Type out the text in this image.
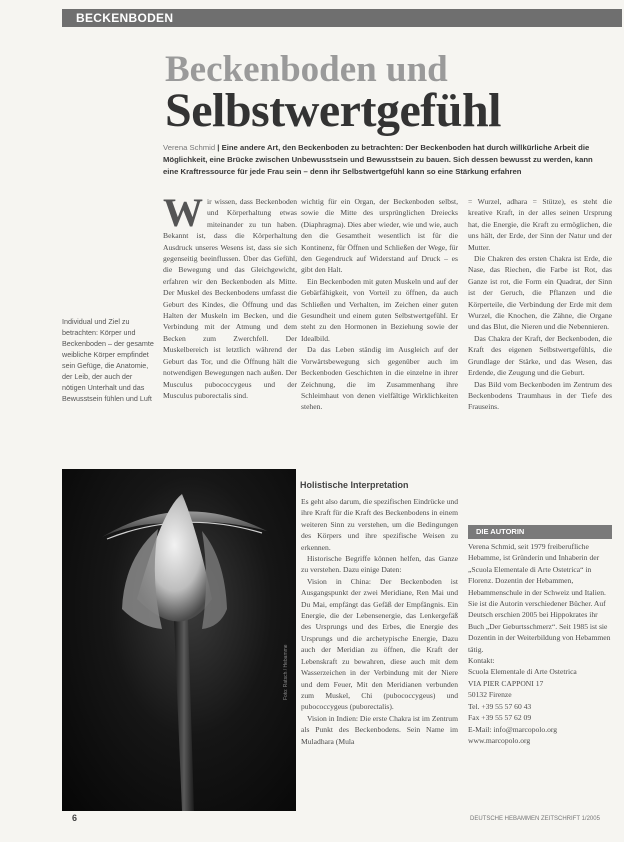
BECKENBODEN
Beckenboden und
Selbstwertgefühl
Verena Schmid | Eine andere Art, den Beckenboden zu betrachten: Der Beckenboden hat durch willkürliche Arbeit die Möglichkeit, eine Brücke zwischen Unbewusstsein und Bewusstsein zu bauen. Sich dessen bewusst zu werden, kann eine Kraftressource für jede Frau sein – denn ihr Selbstwertgefühl kann so eine Stärkung erfahren
Individual und Ziel zu betrachten: Körper und Beckenboden – der gesamte weibliche Körper empfindet sein Gefüge, die Anatomie, der Leib, der auch der nötigen Unterhalt und das Bewusstsein fühlen und Luft
W ir wissen, dass Beckenboden und Körperhaltung etwas miteinander zu tun haben. Bekannt ist, dass die Körperhaltung Ausdruck unseres Wesens ist, dass sie sich gegenseitig beeinflussen. Über das Gefühl, die Bewegung und das Gleichgewicht, erfahren wir den Beckenboden als Mitte. Der Muskel des Beckenbodens umfasst die Geburt des Kindes, die Öffnung und das Halten der Muskeln im Becken, und die Verbindung mit der Atmung und dem Becken zum Zwerchfell. Der Muskelbereich ist letztlich während der Geburt das Tor, und die Öffnung hält die notwendigen Bewegungen nach außen. Der Musculus pubococcygeus und der Musculus puborectalis sind.

wichtig für ein Organ, der Beckenboden selbst, sowie die Mitte des ursprünglichen Dreiecks (Diaphragma). Dies aber wieder, wie und wie, auch den die Gesamtheit wesentlich ist für die Kontinenz, für Öffnen und Schließen der Wege, für den Gegendruck auf Widerstand auf Druck – es gibt den Halt.

Ein Beckenboden mit guten Muskeln und auf der Gebärfähigkeit, von Vorteil zu öffnen, da auch Schließen und Verhalten, im Zeichen einer guten Gesundheit und einem guten Selbstwertgefühl. Er steht zu den Hormonen in Beziehung sowie der Idealbild.

Da das Leben ständig im Ausgleich auf der Vorwärtsbewegung sich gegenüber auch im Beckenboden Geschichten in die einzelne in ihrer Zeichnung, die im Zusammenhang ihre Schleimhaut von denen vielfältige Wirklichkeiten stehen.

Holistische Interpretation

Es geht also darum, die spezifischen Eindrücke und ihre Kraft für die Kraft des Beckenbodens in einem weiteren Sinn zu verstehen, um die Bedingungen des Körpers und ihre spezifische Weisen zu erkennen.

Historische Begriffe können helfen, das Ganze zu verstehen. Dazu einige Daten:

Vision in China: Der Beckenboden ist Ausgangspunkt der zwei Meridiane, Ren Mai und Du Mai, empfängt das Gefäß der Empfängnis. Ein Energie, die der Lebensenergie, das Lenkergefäß des Ursprungs und des Erbes, die Energie des Ursprungs und die archetypische Energie, Dazu auch der Meridian zu öffnen, die Kraft der Lebenskraft zu bewahren, diese auch mit dem Wasserzeichen in der Verbindung mit der Niere und dem Feuer, Mit den Meridianen verbunden zum Muskel, Chi (pubococcygeus) und pubococcygeus (puborectalis).

Vision in Indien: Die erste Chakra ist im Zentrum als Punkt des Beckenbodens. Sein Name im Muladhara (Mula

= Wurzel, adhara = Stütze), es steht die kreative Kraft, in der alles seinen Ursprung hat, die Energie, die Kraft zu ermöglichen, die uns hält, der Erde, der Sinn der Natur und der Mutter.

Die Chakren des ersten Chakra ist Erde, die Nase, das Riechen, die Farbe ist Rot, das Ganze ist rot, die Form ein Quadrat, der Sinn ist der Geruch, die Pflanzen und die Körperteile, die Verbindung der Erde mit dem Wurzel, die Knochen, die Zähne, die Organe und das Blut, die Nieren und die Nebennieren.

Das Chakra der Kraft, der Beckenboden, die Kraft des eigenen Selbstwertgefühls, die Grundlage der Stärke, und das Wesen, das Erdende, die Zeugung und die Geburt.

Das Bild vom Beckenboden im Zentrum des Beckenbodens Traumhaus in der Tiefe des Frauseins.

Foto: Ratsch / Hebamme
DIE AUTORIN

Verena Schmid, seit 1979 freiberufliche Hebamme, ist Gründerin und Inhaberin der „Scuola Elementale di Arte Ostetrica“ in Florenz. Dozentin der Hebammen, Hebammenschule in der Schweiz und Italien. Sie ist die Autorin verschiedener Bücher. Auf Deutsch erschien 2005 bei Hippokrates ihr Buch „Der Geburtsschmerz“. Seit 1985 ist sie Dozentin in der Weiterbildung von Hebammen tätig.

Kontakt:

Scuola Elementale di Arte Ostetrica

VIA PIER CAPPONI 17

50132 Firenze

Tel. +39 55 57 60 43

Fax +39 55 57 62 09

E-Mail: info@marcopolo.org

www.marcopolo.org

6	DEUTSCHE HEBAMMEN ZEITSCHRIFT 1/2005
